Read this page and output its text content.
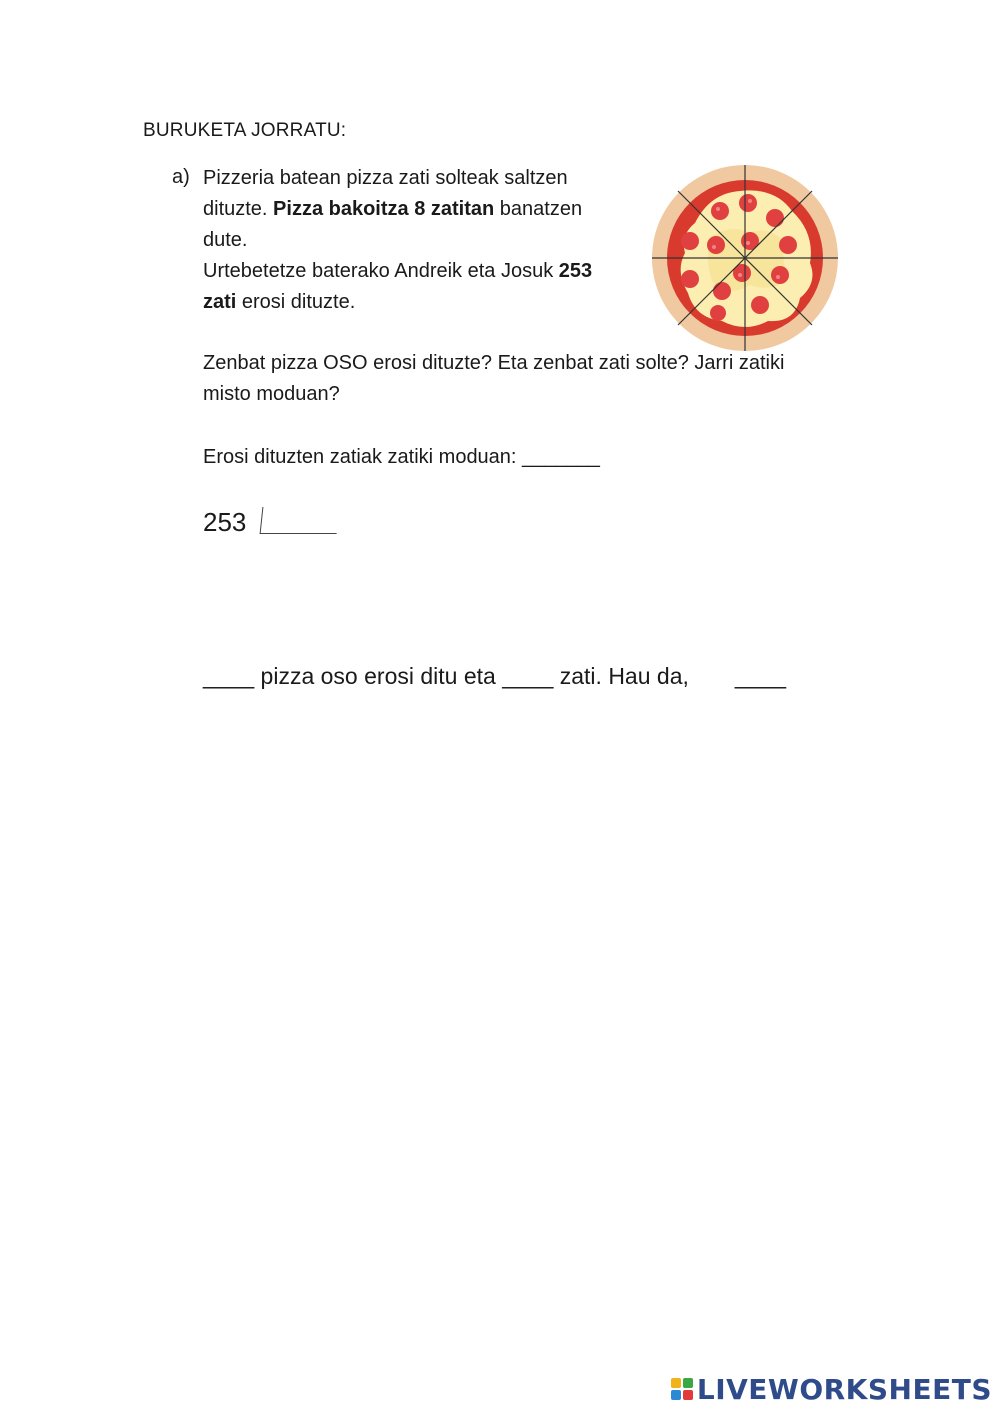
BURUKETA JORRATU:
a) Pizzeria batean pizza zati solteak saltzen
dituzte. Pizza bakoitza 8 zatitan banatzen
dute.
Urtebetetze baterako Andreik eta Josuk 253
zati erosi dituzte.
Zenbat pizza OSO erosi dituzte? Eta zenbat zati solte? Jarri zatiki
misto moduan?
Erosi dituzten zatiak zatiki moduan: _______
253
____ pizza oso erosi ditu eta ____ zati. Hau da, ____
LIVEWORKSHEETS
